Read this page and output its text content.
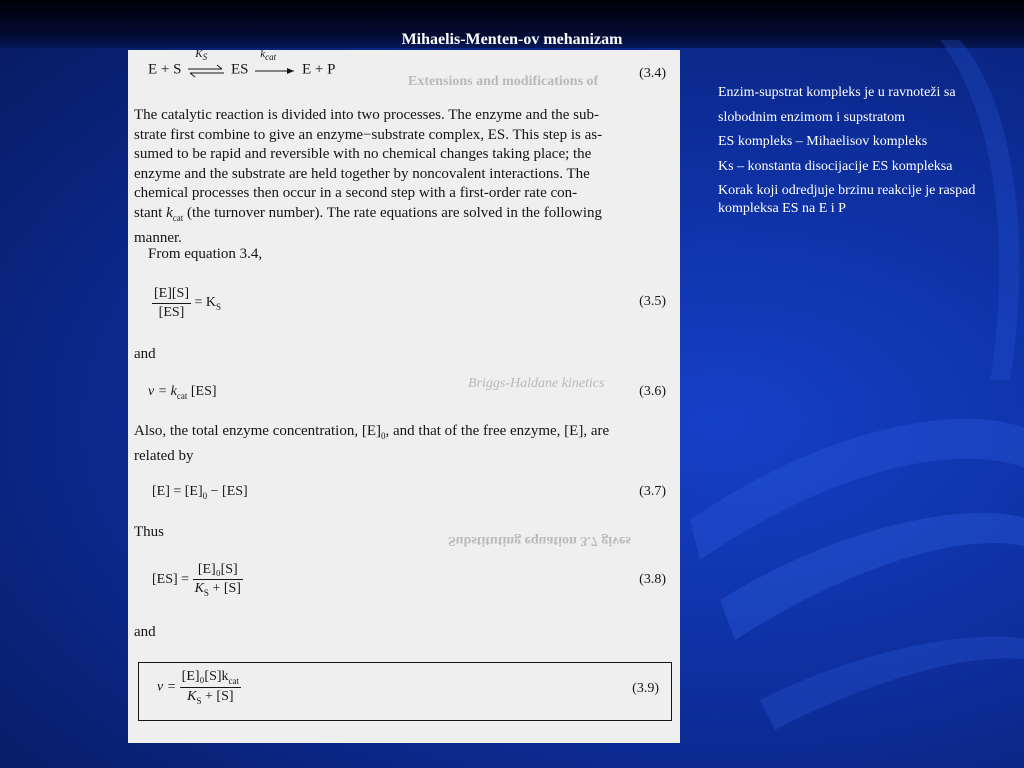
Mihaelis-Menten-ov mehanizam
Extensions and modifications of
Briggs-Haldane kinetics
Substituting equation 3.7 gives
E + S
$K_S$
ES
$k_{cat}$
E + P	(3.4)
The catalytic reaction is divided into two processes. The enzyme and the sub-
strate first combine to give an enzyme−substrate complex, ES. This step is as-
sumed to be rapid and reversible with no chemical changes taking place; the
enzyme and the substrate are held together by noncovalent interactions. The
chemical processes then occur in a second step with a first-order rate con-
stant $k_{cat}$ (the turnover number). The rate equations are solved in the following
manner.
From equation 3.4,
$\frac{[E][S]}{[ES]} = K_S$	(3.5)
and
$v = k_{cat}$ [ES]	(3.6)
Also, the total enzyme concentration, $[E]_0$, and that of the free enzyme, [E], are
related by
$[E] = [E]_0 - [ES]$	(3.7)
Thus
$[ES] = \frac{\text{[E]₀[S]}}{K_S + [S]}$	(3.8)
and
$v = \frac{[E]_0[S]k_{cat}}{K_S + [S]}$	(3.9)
Enzim-supstrat kompleks je u ravnoteži sa
slobodnim enzimom i supstratom
ES kompleks – Mihaelisov kompleks
Ks – konstanta disocijacije ES kompleksa
Korak koji odredjuje brzinu reakcije je raspad kompleksa ES na E i P
